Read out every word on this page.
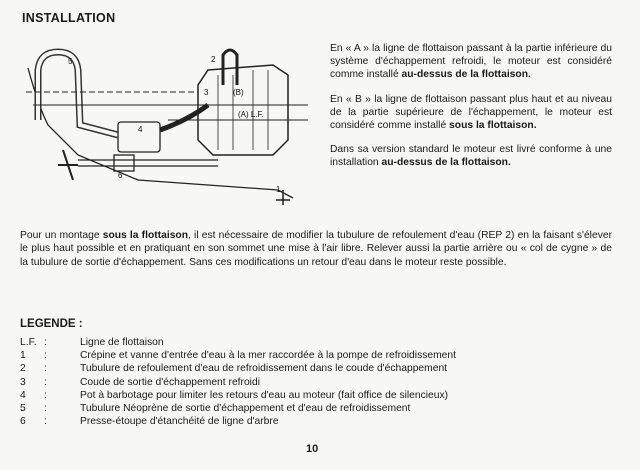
INSTALLATION
5	2
3	(B)
(A) L.F.
4
6
1

En « A » la ligne de flottaison passant à la partie inférieure du système d'échappement refroidi, le moteur est considéré comme installé au-dessus de la flottaison.

En « B » la ligne de flottaison passant plus haut et au niveau de la partie supérieure de l'échappement, le moteur est considéré comme installé sous la flottaison.

Dans sa version standard le moteur est livré conforme à une installation au-dessus de la flottaison.

Pour un montage sous la flottaison, il est nécessaire de modifier la tubulure de refoulement d'eau (REP 2) en la faisant s'élever le plus haut possible et en pratiquant en son sommet une mise à l'air libre. Relever aussi la partie arrière ou « col de cygne » de la tubulure de sortie d'échappement. Sans ces modifications un retour d'eau dans le moteur reste possible.

LEGENDE :
L.F. :	Ligne de flottaison
1	:	Crépine et vanne d'entrée d'eau à la mer raccordée à la pompe de refroidissement
2	:	Tubulure de refoulement d'eau de refroidissement dans le coude d'échappement
3	:	Coude de sortie d'échappement refroidi
4	:	Pot à barbotage pour limiter les retours d'eau au moteur (fait office de silencieux)
5	:	Tubulure Néoprène de sortie d'échappement et d'eau de refroidissement
6	:	Presse-étoupe d'étanchéité de ligne d'arbre
10
